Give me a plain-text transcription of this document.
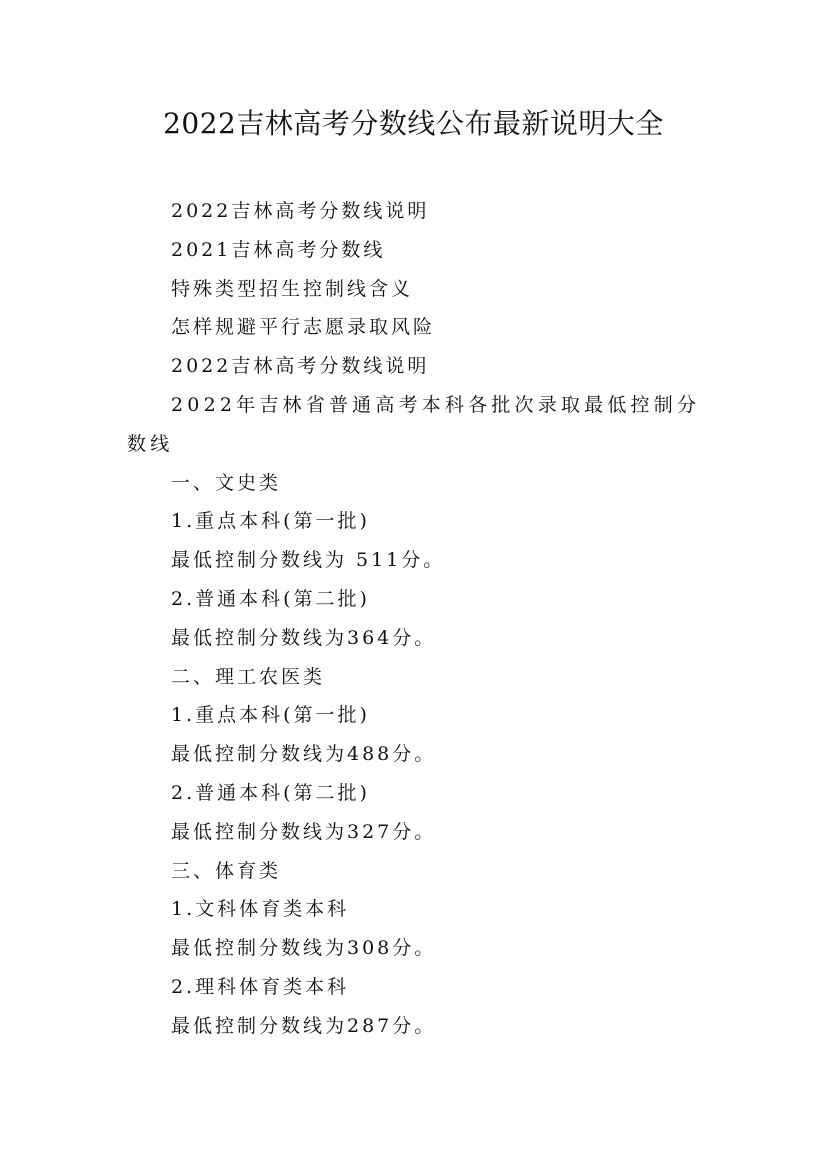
2022吉林高考分数线公布最新说明大全
2022吉林高考分数线说明
2021吉林高考分数线
特殊类型招生控制线含义
怎样规避平行志愿录取风险
2022吉林高考分数线说明
2022年吉林省普通高考本科各批次录取最低控制分数线
一、文史类
1.重点本科(第一批)
最低控制分数线为 511分。
2.普通本科(第二批)
最低控制分数线为364分。
二、理工农医类
1.重点本科(第一批)
最低控制分数线为488分。
2.普通本科(第二批)
最低控制分数线为327分。
三、体育类
1.文科体育类本科
最低控制分数线为308分。
2.理科体育类本科
最低控制分数线为287分。
